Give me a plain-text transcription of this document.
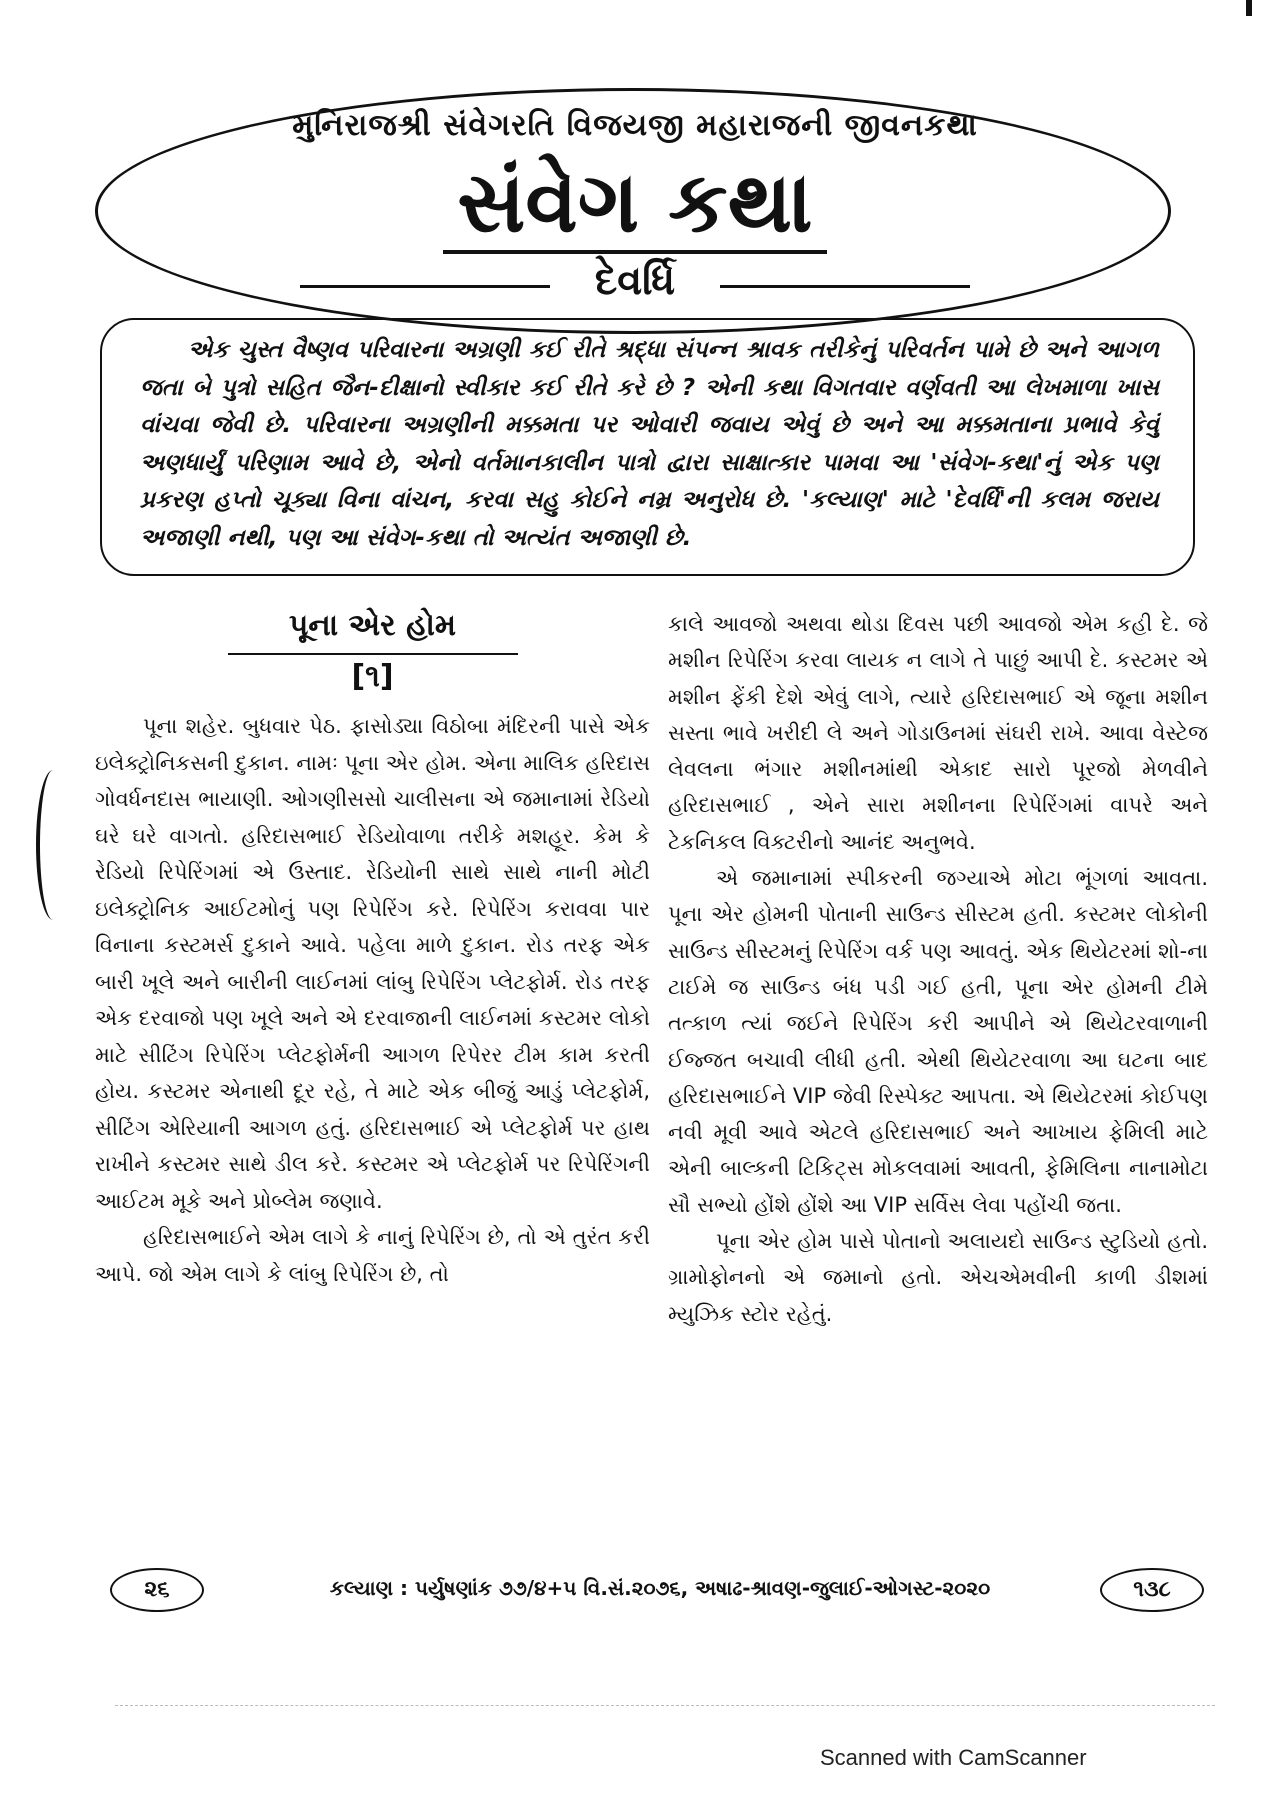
મુનિરાજશ્રી સંવેગરતિ વિજયજી મહારાજની જીવનકથા
સંવેગ કથા
દેવર્ધિ

એક ચુસ્ત વૈષ્ણવ પરિવારના અગ્રણી કઈ રીતે શ્રદ્ધા સંપન્ન શ્રાવક તરીકેનું પરિવર્તન પામે છે અને આગળ જતા બે પુત્રો સહિત જૈન-દીક્ષાનો સ્વીકાર કઈ રીતે કરે છે ? એની કથા વિગતવાર વર્ણવતી આ લેખમાળા ખાસ વાંચવા જેવી છે. પરિવારના અગ્રણીની મક્કમતા પર ઓવારી જવાય એવું છે અને આ મક્કમતાના પ્રભાવે કેવું અણધાર્યું પરિણામ આવે છે, એનો વર્તમાનકાલીન પાત્રો દ્વારા સાક્ષાત્કાર પામવા આ 'સંવેગ-કથા'નું એક પણ પ્રકરણ હપ્તો ચૂક્યા વિના વાંચન, કરવા સહુ કોઈને નમ્ર અનુરોધ છે. 'કલ્યાણ' માટે 'દેવર્ધિ'ની કલમ જરાય અજાણી નથી, પણ આ સંવેગ-કથા તો અત્યંત અજાણી છે.

પૂના એર હોમ
[૧]

પૂના શહેર. બુધવાર પેઠ. ફાસોડ્યા વિઠોબા મંદિરની પાસે એક ઇલેક્ટ્રોનિકસની દુકાન. નામઃ પૂના એર હોમ. એના માલિક હરિદાસ ગોવર્ધનદાસ ભાયાણી. ઓગણીસસો ચાલીસના એ જમાનામાં રેડિયો ઘરે ઘરે વાગતો. હરિદાસભાઈ રેડિયોવાળા તરીકે મશહૂર. કેમ કે રેડિયો રિપેરિંગમાં એ ઉસ્તાદ. રેડિયોની સાથે સાથે નાની મોટી ઇલેક્ટ્રોનિક આઈટમોનું પણ રિપેરિંગ કરે. રિપેરિંગ કરાવવા પાર વિનાના કસ્ટમર્સ દુકાને આવે. પહેલા માળે દુકાન. રોડ તરફ એક બારી ખૂલે અને બારીની લાઈનમાં લાંબુ રિપેરિંગ પ્લેટફોર્મ. રોડ તરફ એક દરવાજો પણ ખૂલે અને એ દરવાજાની લાઈનમાં કસ્ટમર લોકો માટે સીટિંગ રિપેરિંગ પ્લેટફોર્મની આગળ રિપેરર ટીમ કામ કરતી હોય. કસ્ટમર એનાથી દૂર રહે, તે માટે એક બીજું આડું પ્લેટફોર્મ, સીટિંગ એરિયાની આગળ હતું. હરિદાસભાઈ એ પ્લેટફોર્મ પર હાથ રાખીને કસ્ટમર સાથે ડીલ કરે. કસ્ટમર એ પ્લેટફોર્મ પર રિપેરિંગની આઈટમ મૂકે અને પ્રોબ્લેમ જણાવે.

હરિદાસભાઈને એમ લાગે કે નાનું રિપેરિંગ છે, તો એ તુરંત કરી આપે. જો એમ લાગે કે લાંબુ રિપેરિંગ છે, તો

કાલે આવજો અથવા થોડા દિવસ પછી આવજો એમ કહી દે. જે મશીન રિપેરિંગ કરવા લાયક ન લાગે તે પાછું આપી દે. કસ્ટમર એ મશીન ફેંકી દેશે એવું લાગે, ત્યારે હરિદાસભાઈ એ જૂના મશીન સસ્તા ભાવે ખરીદી લે અને ગોડાઉનમાં સંઘરી રાખે. આવા વેસ્ટેજ લેવલના ભંગાર મશીનમાંથી એકાદ સારો પૂરજો મેળવીને હરિદાસભાઈ , એને સારા મશીનના રિપેરિંગમાં વાપરે અને ટેકનિકલ વિક્ટરીનો આનંદ અનુભવે.

એ જમાનામાં સ્પીકરની જગ્યાએ મોટા ભૂંગળાં આવતા. પૂના એર હોમની પોતાની સાઉન્ડ સીસ્ટમ હતી. કસ્ટમર લોકોની સાઉન્ડ સીસ્ટમનું રિપેરિંગ વર્ક પણ આવતું. એક થિયેટરમાં શો-ના ટાઈમે જ સાઉન્ડ બંધ પડી ગઈ હતી, પૂના એર હોમની ટીમે તત્કાળ ત્યાં જઈને રિપેરિંગ કરી આપીને એ થિયેટરવાળાની ઈજ્જત બચાવી લીધી હતી. એથી થિયેટરવાળા આ ઘટના બાદ હરિદાસભાઈને VIP જેવી રિસ્પેક્ટ આપતા. એ થિયેટરમાં કોઈપણ નવી મૂવી આવે એટલે હરિદાસભાઈ અને આખાય ફેમિલી માટે એની બાલ્કની ટિકિટ્સ મોકલવામાં આવતી, ફેમિલિના નાનામોટા સૌ સભ્યો હોંશે હોંશે આ VIP સર્વિસ લેવા પહોંચી જતા.

પૂના એર હોમ પાસે પોતાનો અલાયદો સાઉન્ડ સ્ટુડિયો હતો. ગ્રામોફોનનો એ જમાનો હતો. એચએમવીની કાળી ડીશમાં મ્યુઝિક સ્ટોર રહેતું.

૨૬	કલ્યાણ : પર્યુષણાંક ૭૭/૪+૫ વિ.સં.૨૦૭૬, અષાઢ-શ્રાવણ-જુલાઈ-ઓગસ્ટ-૨૦૨૦	૧૩૮
Scanned with CamScanner
